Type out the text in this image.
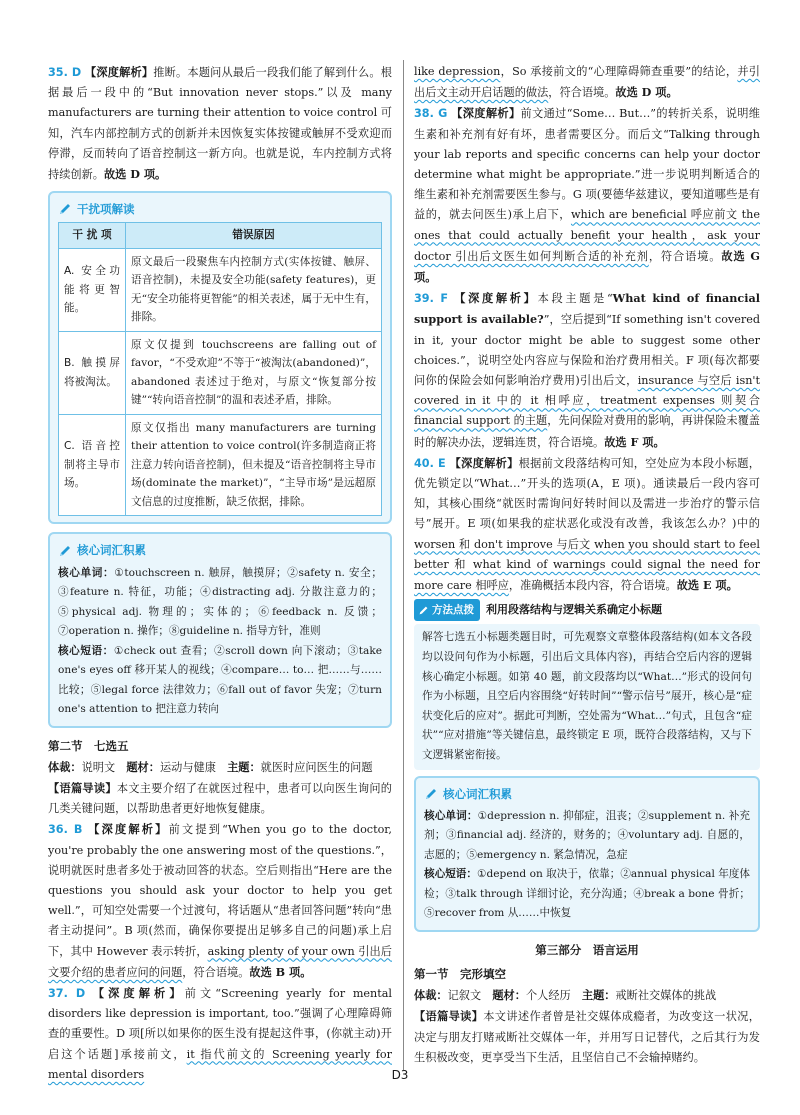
35. D 【深度解析】推断。本题问从最后一段我们能了解到什么。根据最后一段中的“But innovation never stops.”以及 many manufacturers are turning their attention to voice control 可知，汽车内部控制方式的创新并未因恢复实体按键或触屏不受欢迎而停滞，反而转向了语音控制这一新方向。也就是说，车内控制方式将持续创新。故选 D 项。

干扰项解读
干 扰 项	错误原因
A. 安全功能将更智能。	原文最后一段聚焦车内控制方式(实体按键、触屏、语音控制)，未提及安全功能(safety features)，更无“安全功能将更智能”的相关表述，属于无中生有，排除。
B. 触摸屏将被淘汰。	原文仅提到 touchscreens are falling out of favor，“不受欢迎”不等于“被淘汰(abandoned)”，abandoned 表述过于绝对，与原文“恢复部分按键”“转向语音控制”的温和表述矛盾，排除。
C. 语音控制将主导市场。	原文仅指出 many manufacturers are turning their attention to voice control(许多制造商正将注意力转向语音控制)，但未提及“语音控制将主导市场(dominate the market)”，“主导市场”是远超原文信息的过度推断，缺乏依据，排除。
核心词汇积累

核心单词：①touchscreen n. 触屏，触摸屏；②safety n. 安全；③feature n. 特征，功能；④distracting adj. 分散注意力的；⑤physical adj. 物理的；实体的；⑥feedback n. 反馈；⑦operation n. 操作；⑧guideline n. 指导方针，准则

核心短语：①check out 查看；②scroll down 向下滚动；③take one's eyes off 移开某人的视线；④compare… to… 把……与……比较；⑤legal force 法律效力；⑥fall out of favor 失宠；⑦turn one's attention to 把注意力转向

第二节　七选五

体裁：说明文　 题材：运动与健康　 主题：就医时应问医生的问题

【语篇导读】本文主要介绍了在就医过程中，患者可以向医生询问的几类关键问题，以帮助患者更好地恢复健康。

36. B 【深度解析】前文提到“When you go to the doctor, you're probably the one answering most of the questions.”，说明就医时患者多处于被动回答的状态。空后则指出“Here are the questions you should ask your doctor to help you get well.”，可知空处需要一个过渡句，将话题从“患者回答问题”转向“患者主动提问”。B 项(然而，确保你要提出足够多自己的问题)承上启下，其中 However 表示转折，asking plenty of your own 引出后文要介绍的患者应问的问题，符合语境。故选 B 项。

37. D 【深度解析】前文“Screening yearly for mental disorders like depression is important, too.”强调了心理障碍筛查的重要性。D 项[所以如果你的医生没有提起这件事，(你就主动)开启这个话题]承接前文，it 指代前文的 Screening yearly for mental disorders

like depression，So 承接前文的“心理障碍筛查重要”的结论，并引出后文主动开启话题的做法，符合语境。故选 D 项。

38. G 【深度解析】前文通过“Some… But…”的转折关系，说明维生素和补充剂有好有坏，患者需要区分。而后文“Talking through your lab reports and specific concerns can help your doctor determine what might be appropriate.”进一步说明判断适合的维生素和补充剂需要医生参与。G 项(要德华兹建议，要知道哪些是有益的，就去问医生)承上启下，which are beneficial 呼应前文 the ones that could actually benefit your health，ask your doctor 引出后文医生如何判断合适的补充剂，符合语境。故选 G 项。

39. F 【深度解析】本段主题是“What kind of financial support is available?”，空后提到“If something isn't covered in it, your doctor might be able to suggest some other choices.”，说明空处内容应与保险和治疗费用相关。F 项(每次都要问你的保险会如何影响治疗费用)引出后文，insurance 与空后 isn't covered in it 中的 it 相呼应，treatment expenses 则契合 financial support 的主题，先问保险对费用的影响，再讲保险未覆盖时的解决办法，逻辑连贯，符合语境。故选 F 项。

40. E 【深度解析】根据前文段落结构可知，空处应为本段小标题，优先锁定以“What…”开头的选项(A，E 项)。通读最后一段内容可知，其核心围绕“就医时需询问好转时间以及需进一步治疗的警示信号”展开。E 项(如果我的症状恶化或没有改善，我该怎么办？)中的 worsen 和 don't improve 与后文 when you should start to feel better 和 what kind of warnings could signal the need for more care 相呼应，准确概括本段内容，符合语境。故选 E 项。

方法点拨 利用段落结构与逻辑关系确定小标题
解答七选五小标题类题目时，可先观察文章整体段落结构(如本文各段均以设问句作为小标题，引出后文具体内容)，再结合空后内容的逻辑核心确定小标题。如第 40 题，前文段落均以“What…”形式的设问句作为小标题，且空后内容围绕“好转时间”“警示信号”展开，核心是“症状变化后的应对”。据此可判断，空处需为“What…”句式，且包含“症状”“应对措施”等关键信息，最终锁定 E 项，既符合段落结构，又与下文逻辑紧密衔接。
核心词汇积累

核心单词：①depression n. 抑郁症，沮丧；②supplement n. 补充剂；③financial adj. 经济的，财务的；④voluntary adj. 自愿的，志愿的；⑤emergency n. 紧急情况，急症

核心短语：①depend on 取决于，依靠；②annual physical 年度体检；③talk through 详细讨论，充分沟通；④break a bone 骨折；⑤recover from 从……中恢复

第三部分　语言运用

第一节　完形填空

体裁：记叙文　 题材：个人经历　 主题：戒断社交媒体的挑战

【语篇导读】本文讲述作者曾是社交媒体成瘾者，为改变这一状况，决定与朋友打赌戒断社交媒体一年，并用写日记替代，之后其行为发生积极改变，更享受当下生活，且坚信自己不会输掉赌约。

D3
